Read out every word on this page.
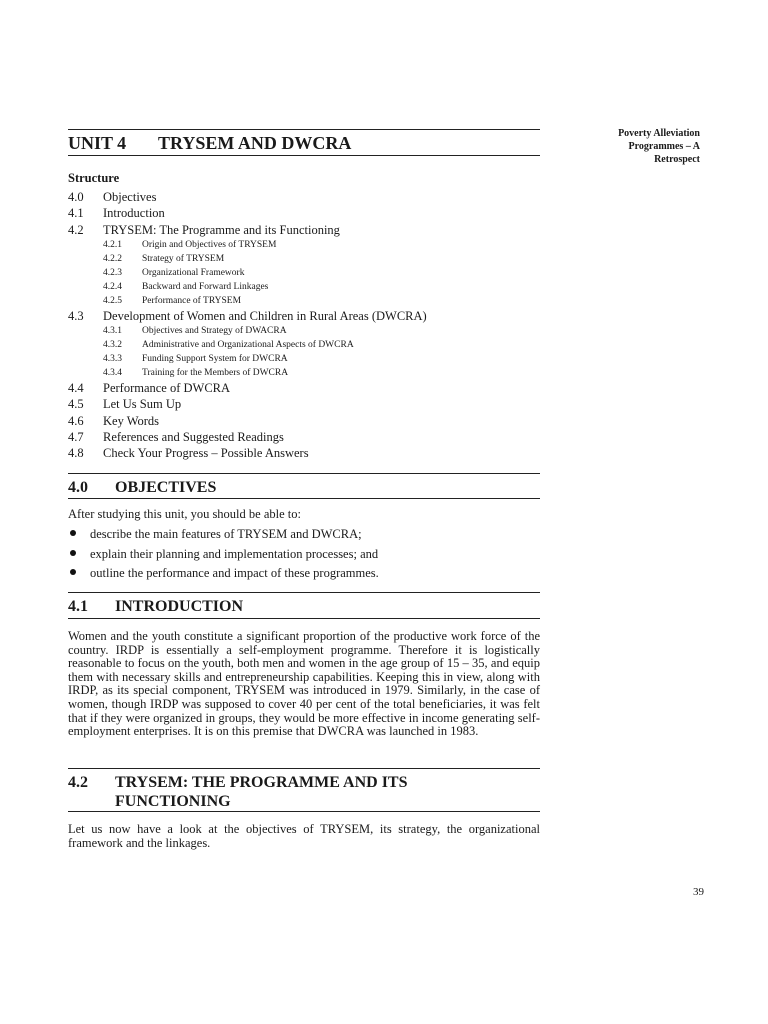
Poverty Alleviation
Programmes – A
Retrospect
UNIT 4 TRYSEM AND DWCRA
Structure
4.0 Objectives
4.1 Introduction
4.2 TRYSEM: The Programme and its Functioning
4.2.1 Origin and Objectives of TRYSEM
4.2.2 Strategy of TRYSEM
4.2.3 Organizational Framework
4.2.4 Backward and Forward Linkages
4.2.5 Performance of TRYSEM
4.3 Development of Women and Children in Rural Areas (DWCRA)
4.3.1 Objectives and Strategy of DWACRA
4.3.2 Administrative and Organizational Aspects of DWCRA
4.3.3 Funding Support System for DWCRA
4.3.4 Training for the Members of DWCRA
4.4 Performance of DWCRA
4.5 Let Us Sum Up
4.6 Key Words
4.7 References and Suggested Readings
4.8 Check Your Progress – Possible Answers
4.0 OBJECTIVES
After studying this unit, you should be able to:
describe the main features of TRYSEM and DWCRA;
explain their planning and implementation processes; and
outline the performance and impact of these programmes.
4.1 INTRODUCTION
Women and the youth constitute a significant proportion of the productive work force of the country. IRDP is essentially a self-employment programme. Therefore it is logistically reasonable to focus on the youth, both men and women in the age group of 15 – 35, and equip them with necessary skills and entrepreneurship capabilities. Keeping this in view, along with IRDP, as its special component, TRYSEM was introduced in 1979. Similarly, in the case of women, though IRDP was supposed to cover 40 per cent of the total beneficiaries, it was felt that if they were organized in groups, they would be more effective in income generating self-employment enterprises. It is on this premise that DWCRA was launched in 1983.
4.2 TRYSEM: THE PROGRAMME AND ITS
FUNCTIONING
Let us now have a look at the objectives of TRYSEM, its strategy, the organizational framework and the linkages.
39
